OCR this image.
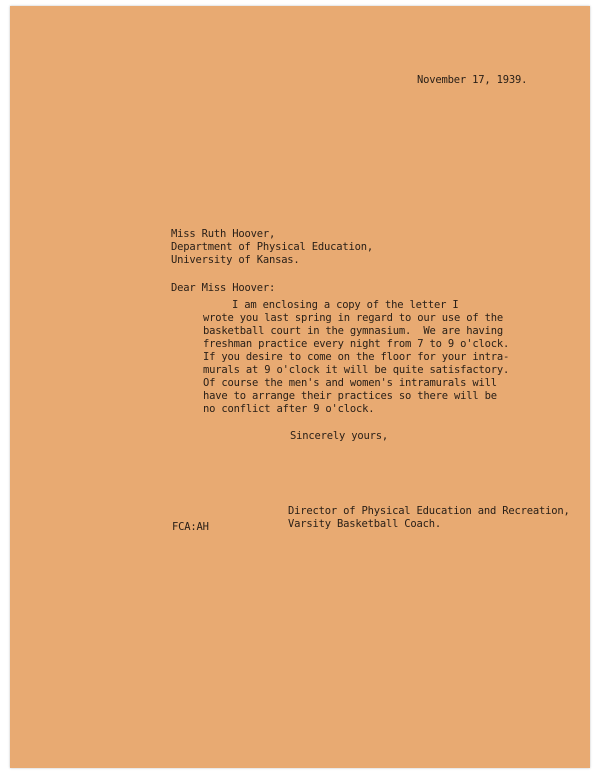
November 17, 1939.
Miss Ruth Hoover,
Department of Physical Education,
University of Kansas.
Dear Miss Hoover:
I am enclosing a copy of the letter I
wrote you last spring in regard to our use of the
basketball court in the gymnasium.  We are having
freshman practice every night from 7 to 9 o'clock.
If you desire to come on the floor for your intra-
murals at 9 o'clock it will be quite satisfactory.
Of course the men's and women's intramurals will
have to arrange their practices so there will be
Sincerely yours,
FCA:AH
Director of Physical Education and Recreation,
Varsity Basketball Coach.
no conflict after 9 o'clock.
